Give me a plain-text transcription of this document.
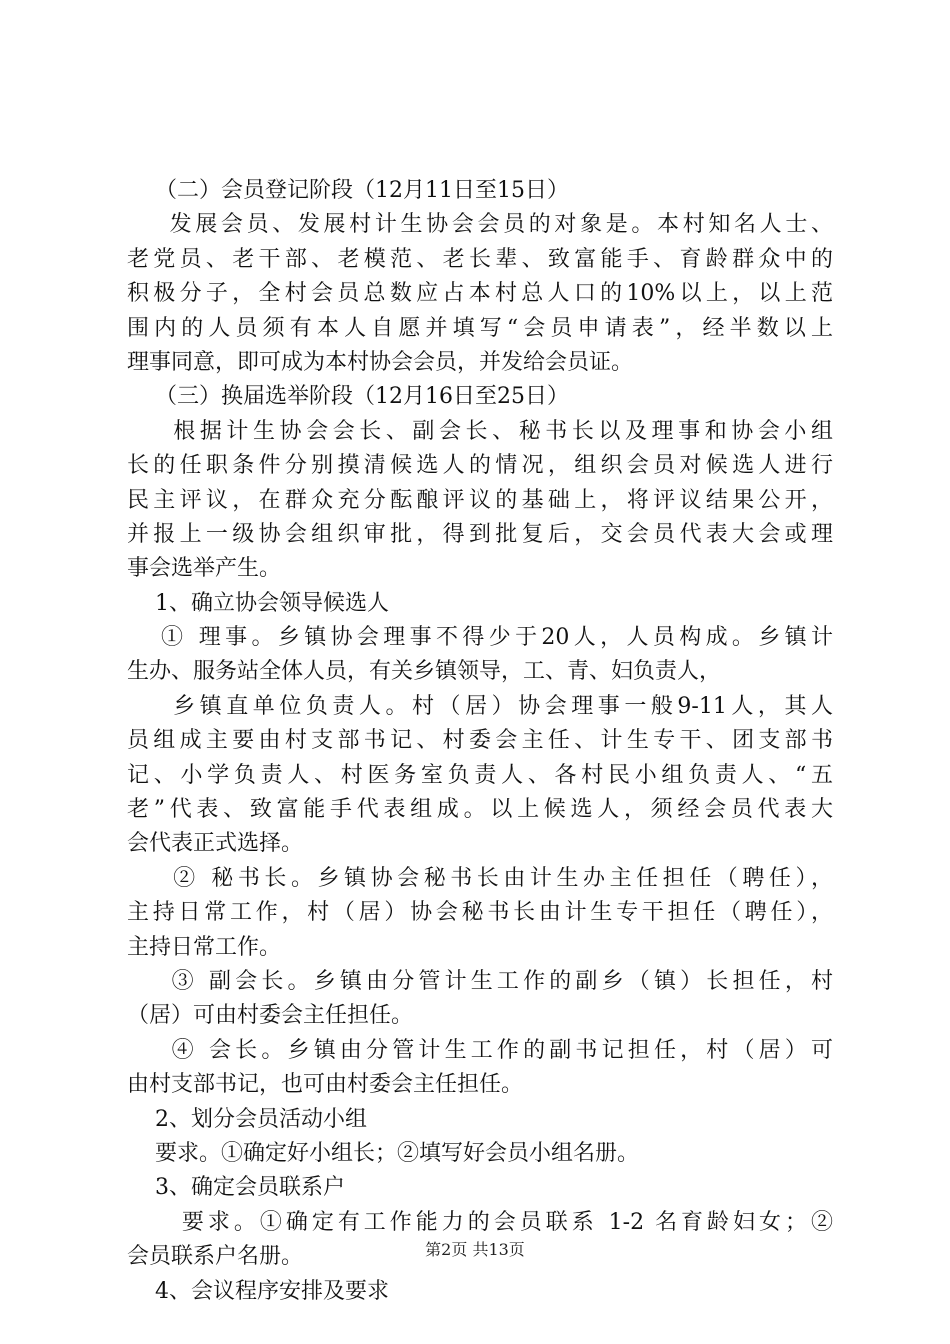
（二）会员登记阶段（12月11日至15日）
发展会员、发展村计生协会会员的对象是。本村知名人士、
老党员、老干部、老模范、老长辈、致富能手、育龄群众中的
积极分子，全村会员总数应占本村总人口的10%以上，以上范
围内的人员须有本人自愿并填写“会员申请表”，经半数以上
理事同意，即可成为本村协会会员，并发给会员证。
（三）换届选举阶段（12月16日至25日）
根据计生协会会长、副会长、秘书长以及理事和协会小组
长的任职条件分别摸清候选人的情况，组织会员对候选人进行
民主评议，在群众充分酝酿评议的基础上，将评议结果公开，
并报上一级协会组织审批，得到批复后，交会员代表大会或理
事会选举产生。
1、确立协会领导候选人
① 理事。乡镇协会理事不得少于20人，人员构成。乡镇计
生办、服务站全体人员，有关乡镇领导，工、青、妇负责人，
乡镇直单位负责人。村（居）协会理事一般9-11人，其人
员组成主要由村支部书记、村委会主任、计生专干、团支部书
记、小学负责人、村医务室负责人、各村民小组负责人、“五
老”代表、致富能手代表组成。以上候选人，须经会员代表大
会代表正式选择。
② 秘书长。乡镇协会秘书长由计生办主任担任（聘任），
主持日常工作，村（居）协会秘书长由计生专干担任（聘任），
主持日常工作。
③ 副会长。乡镇由分管计生工作的副乡（镇）长担任，村
（居）可由村委会主任担任。
④ 会长。乡镇由分管计生工作的副书记担任，村（居）可
由村支部书记，也可由村委会主任担任。
2、划分会员活动小组
要求。①确定好小组长；②填写好会员小组名册。
3、确定会员联系户
要求。①确定有工作能力的会员联系 1-2 名育龄妇女；②
会员联系户名册。
4、会议程序安排及要求
第2页 共13页
